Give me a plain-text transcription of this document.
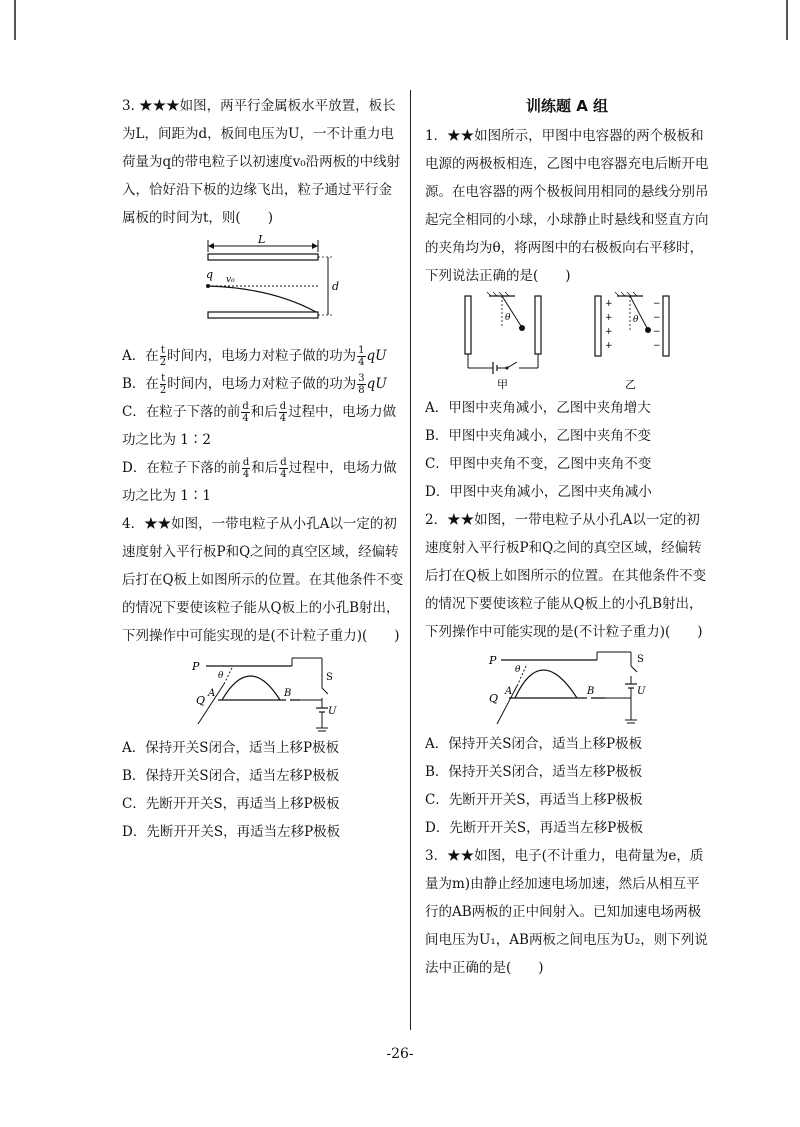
3. ★★★如图，两平行金属板水平放置，板长为L，间距为d，板间电压为U，一不计重力电荷量为q的带电粒子以初速度v₀沿两板的中线射入，恰好沿下板的边缘飞出，粒子通过平行金属板的时间为t，则(　　)

L
q v₀	d

A．在 $\frac{t}{2}$ 时间内，电场力对粒子做的功为 $\frac{1}{4}$ qU

B．在 $\frac{t}{2}$ 时间内，电场力对粒子做的功为 $\frac{3}{8}$ qU

C．在粒子下落的前 $\frac{d}{4}$ 和后 $\frac{d}{4}$ 过程中，电场力做功之比为 1∶2

D．在粒子下落的前 $\frac{d}{4}$ 和后 $\frac{d}{4}$ 过程中，电场力做功之比为 1∶1

4．★★如图，一带电粒子从小孔A以一定的初速度射入平行板P和Q之间的真空区域，经偏转后打在Q板上如图所示的位置。在其他条件不变的情况下要使该粒子能从Q板上的小孔B射出，下列操作中可能实现的是(不计粒子重力)(　　)

P
Q
A	B
θ	S
U

A．保持开关S闭合，适当上移P极板

B．保持开关S闭合，适当左移P极板

C．先断开开关S，再适当上移P极板

D．先断开开关S，再适当左移P极板

训练题 A 组

1．★★如图所示，甲图中电容器的两个极板和电源的两极板相连，乙图中电容器充电后断开电源。在电容器的两个极板间用相同的悬线分别吊起完全相同的小球，小球静止时悬线和竖直方向的夹角均为θ，将两图中的右极板向右平移时，下列说法正确的是(　　)

θ
甲
+
+
+
+
−
−
−
−
θ
乙

A．甲图中夹角减小，乙图中夹角增大

B．甲图中夹角减小，乙图中夹角不变

C．甲图中夹角不变，乙图中夹角不变

D．甲图中夹角减小，乙图中夹角减小

2．★★如图，一带电粒子从小孔A以一定的初速度射入平行板P和Q之间的真空区域，经偏转后打在Q板上如图所示的位置。在其他条件不变的情况下要使该粒子能从Q板上的小孔B射出，下列操作中可能实现的是(不计粒子重力)(　　)

P
Q
A	B
θ
S
U

A．保持开关S闭合，适当上移P极板

B．保持开关S闭合，适当左移P极板

C．先断开开关S，再适当上移P极板

D．先断开开关S，再适当左移P极板

3．★★如图，电子(不计重力，电荷量为e，质量为m)由静止经加速电场加速，然后从相互平行的AB两板的正中间射入。已知加速电场两极间电压为U₁，AB两板之间电压为U₂，则下列说法中正确的是(　　)

-26-
